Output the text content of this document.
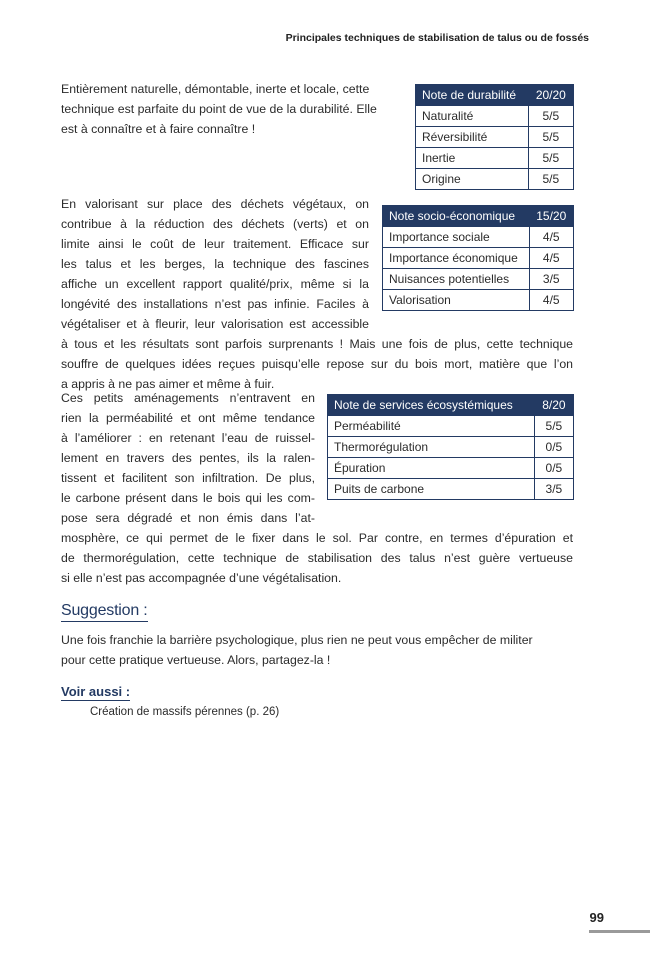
Principales techniques de stabilisation de talus ou de fossés
Entièrement naturelle, démontable, inerte et locale, cette
technique est parfaite du point de vue de la durabilité. Elle
est à connaître et à faire connaître !
Note de durabilité	20/20
Naturalité	5/5
Réversibilité	5/5
Inertie	5/5
Origine	5/5
En valorisant sur place des déchets végétaux, on
contribue à la réduction des déchets (verts) et on
limite ainsi le coût de leur traitement. Efficace sur
les talus et les berges, la technique des fascines
affiche un excellent rapport qualité/prix, même si la
longévité des installations n’est pas infinie. Faciles à
végétaliser et à fleurir, leur valorisation est accessible
à tous et les résultats sont parfois surprenants ! Mais une fois de plus, cette technique
souffre de quelques idées reçues puisqu’elle repose sur du bois mort, matière que l’on
a appris à ne pas aimer et même à fuir.
Note socio-économique	15/20
Importance sociale	4/5
Importance économique	4/5
Nuisances potentielles	3/5
Valorisation	4/5
Ces petits aménagements n’entravent en
rien la perméabilité et ont même tendance
à l’améliorer : en retenant l’eau de ruissel-
lement en travers des pentes, ils la ralen-
tissent et facilitent son infiltration. De plus,
le carbone présent dans le bois qui les com-
pose sera dégradé et non émis dans l’at-
mosphère, ce qui permet de le fixer dans le sol. Par contre, en termes d’épuration et
de thermorégulation, cette technique de stabilisation des talus n’est guère vertueuse
si elle n’est pas accompagnée d’une végétalisation.
Note de services écosystémiques	8/20
Perméabilité	5/5
Thermorégulation	0/5
Épuration	0/5
Puits de carbone	3/5
Suggestion :
Une fois franchie la barrière psychologique, plus rien ne peut vous empêcher de militer
pour cette pratique vertueuse. Alors, partagez-la !
Voir aussi :
Création de massifs pérennes (p. 26)
99
